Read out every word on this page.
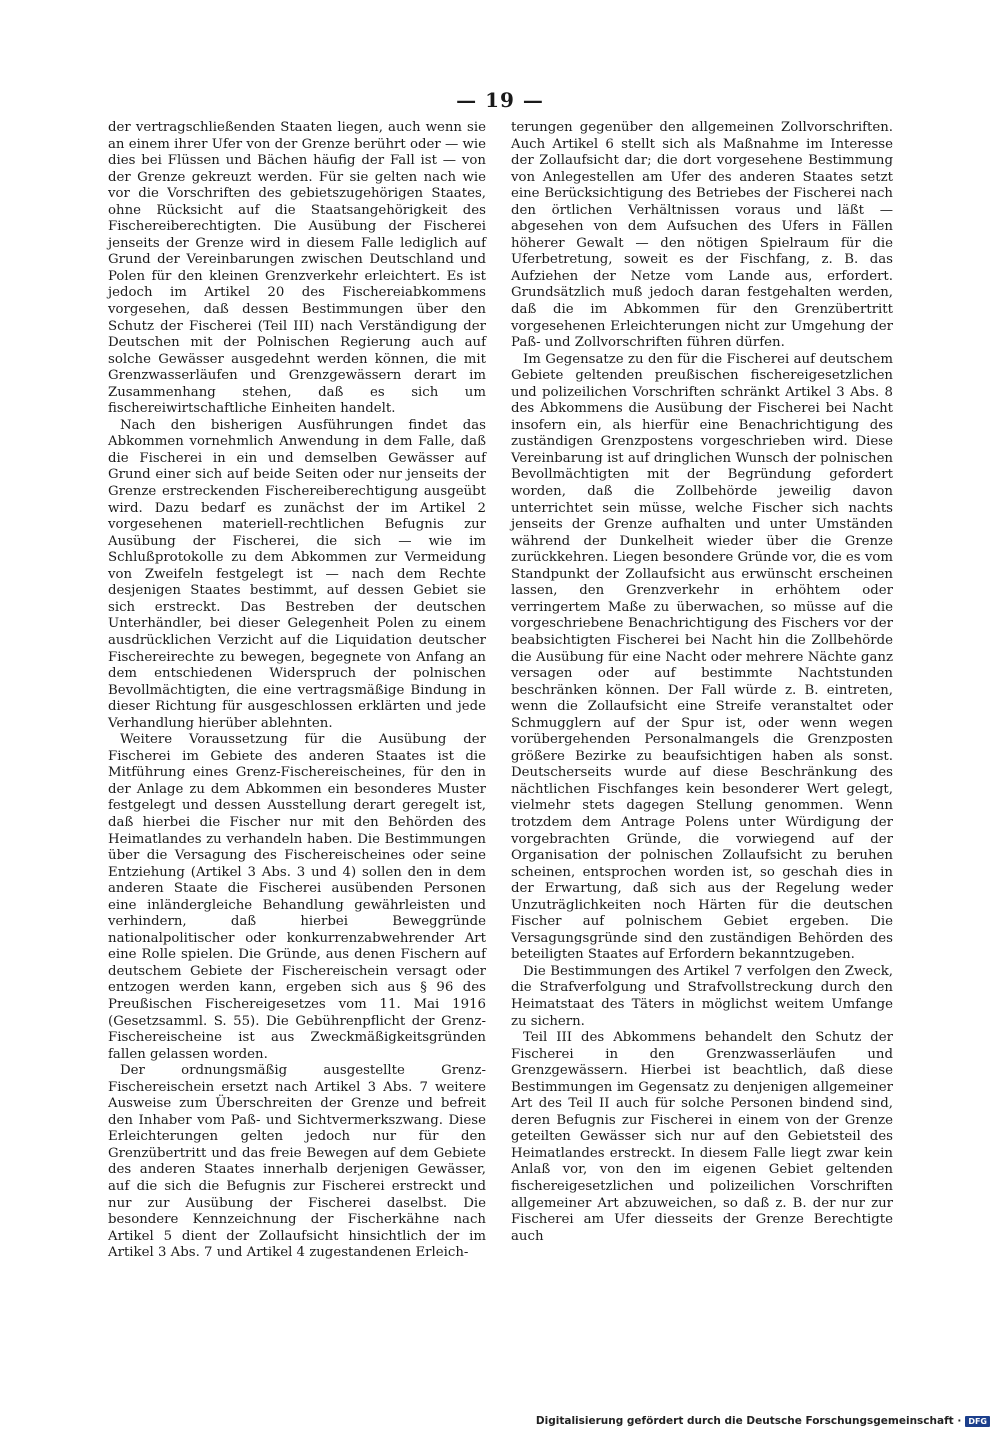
— 19 —

der vertragschließenden Staaten liegen, auch wenn sie an einem ihrer Ufer von der Grenze berührt oder — wie dies bei Flüssen und Bächen häufig der Fall ist — von der Grenze gekreuzt werden. Für sie gelten nach wie vor die Vorschriften des gebietszugehörigen Staates, ohne Rücksicht auf die Staatsangehörigkeit des Fischereiberechtigten. Die Ausübung der Fischerei jenseits der Grenze wird in diesem Falle lediglich auf Grund der Vereinbarungen zwischen Deutschland und Polen für den kleinen Grenzverkehr erleichtert. Es ist jedoch im Artikel 20 des Fischereiabkommens vorgesehen, daß dessen Bestimmungen über den Schutz der Fischerei (Teil III) nach Verständigung der Deutschen mit der Polnischen Regierung auch auf solche Gewässer ausgedehnt werden können, die mit Grenzwasserläufen und Grenzgewässern derart im Zusammenhang stehen, daß es sich um fischereiwirtschaftliche Einheiten handelt.

Nach den bisherigen Ausführungen findet das Abkommen vornehmlich Anwendung in dem Falle, daß die Fischerei in ein und demselben Gewässer auf Grund einer sich auf beide Seiten oder nur jenseits der Grenze erstreckenden Fischereiberechtigung ausgeübt wird. Dazu bedarf es zunächst der im Artikel 2 vorgesehenen materiell-rechtlichen Befugnis zur Ausübung der Fischerei, die sich — wie im Schlußprotokolle zu dem Abkommen zur Vermeidung von Zweifeln festgelegt ist — nach dem Rechte desjenigen Staates bestimmt, auf dessen Gebiet sie sich erstreckt. Das Bestreben der deutschen Unterhändler, bei dieser Gelegenheit Polen zu einem ausdrücklichen Verzicht auf die Liquidation deutscher Fischereirechte zu bewegen, begegnete von Anfang an dem entschiedenen Widerspruch der polnischen Bevollmächtigten, die eine vertragsmäßige Bindung in dieser Richtung für ausgeschlossen erklärten und jede Verhandlung hierüber ablehnten.

Weitere Voraussetzung für die Ausübung der Fischerei im Gebiete des anderen Staates ist die Mitführung eines Grenz-Fischereischeines, für den in der Anlage zu dem Abkommen ein besonderes Muster festgelegt und dessen Ausstellung derart geregelt ist, daß hierbei die Fischer nur mit den Behörden des Heimatlandes zu verhandeln haben. Die Bestimmungen über die Versagung des Fischereischeines oder seine Entziehung (Artikel 3 Abs. 3 und 4) sollen den in dem anderen Staate die Fischerei ausübenden Personen eine inländergleiche Behandlung gewährleisten und verhindern, daß hierbei Beweggründe nationalpolitischer oder konkurrenzabwehrender Art eine Rolle spielen. Die Gründe, aus denen Fischern auf deutschem Gebiete der Fischereischein versagt oder entzogen werden kann, ergeben sich aus § 96 des Preußischen Fischereigesetzes vom 11. Mai 1916 (Gesetzsamml. S. 55). Die Gebührenpflicht der Grenz-Fischereischeine ist aus Zweckmäßigkeitsgründen fallen gelassen worden.

Der ordnungsmäßig ausgestellte Grenz-Fischereischein ersetzt nach Artikel 3 Abs. 7 weitere Ausweise zum Überschreiten der Grenze und befreit den Inhaber vom Paß- und Sichtvermerkszwang. Diese Erleichterungen gelten jedoch nur für den Grenzübertritt und das freie Bewegen auf dem Gebiete des anderen Staates innerhalb derjenigen Gewässer, auf die sich die Befugnis zur Fischerei erstreckt und nur zur Ausübung der Fischerei daselbst. Die besondere Kennzeichnung der Fischerkähne nach Artikel 5 dient der Zollaufsicht hinsichtlich der im Artikel 3 Abs. 7 und Artikel 4 zugestandenen Erleich-

terungen gegenüber den allgemeinen Zollvorschriften. Auch Artikel 6 stellt sich als Maßnahme im Interesse der Zollaufsicht dar; die dort vorgesehene Bestimmung von Anlegestellen am Ufer des anderen Staates setzt eine Berücksichtigung des Betriebes der Fischerei nach den örtlichen Verhältnissen voraus und läßt — abgesehen von dem Aufsuchen des Ufers in Fällen höherer Gewalt — den nötigen Spielraum für die Uferbetretung, soweit es der Fischfang, z. B. das Aufziehen der Netze vom Lande aus, erfordert. Grundsätzlich muß jedoch daran festgehalten werden, daß die im Abkommen für den Grenzübertritt vorgesehenen Erleichterungen nicht zur Umgehung der Paß- und Zollvorschriften führen dürfen.

Im Gegensatze zu den für die Fischerei auf deutschem Gebiete geltenden preußischen fischereigesetzlichen und polizeilichen Vorschriften schränkt Artikel 3 Abs. 8 des Abkommens die Ausübung der Fischerei bei Nacht insofern ein, als hierfür eine Benachrichtigung des zuständigen Grenzpostens vorgeschrieben wird. Diese Vereinbarung ist auf dringlichen Wunsch der polnischen Bevollmächtigten mit der Begründung gefordert worden, daß die Zollbehörde jeweilig davon unterrichtet sein müsse, welche Fischer sich nachts jenseits der Grenze aufhalten und unter Umständen während der Dunkelheit wieder über die Grenze zurückkehren. Liegen besondere Gründe vor, die es vom Standpunkt der Zollaufsicht aus erwünscht erscheinen lassen, den Grenzverkehr in erhöhtem oder verringertem Maße zu überwachen, so müsse auf die vorgeschriebene Benachrichtigung des Fischers vor der beabsichtigten Fischerei bei Nacht hin die Zollbehörde die Ausübung für eine Nacht oder mehrere Nächte ganz versagen oder auf bestimmte Nachtstunden beschränken können. Der Fall würde z. B. eintreten, wenn die Zollaufsicht eine Streife veranstaltet oder Schmugglern auf der Spur ist, oder wenn wegen vorübergehenden Personalmangels die Grenzposten größere Bezirke zu beaufsichtigen haben als sonst. Deutscherseits wurde auf diese Beschränkung des nächtlichen Fischfanges kein besonderer Wert gelegt, vielmehr stets dagegen Stellung genommen. Wenn trotzdem dem Antrage Polens unter Würdigung der vorgebrachten Gründe, die vorwiegend auf der Organisation der polnischen Zollaufsicht zu beruhen scheinen, entsprochen worden ist, so geschah dies in der Erwartung, daß sich aus der Regelung weder Unzuträglichkeiten noch Härten für die deutschen Fischer auf polnischem Gebiet ergeben. Die Versagungsgründe sind den zuständigen Behörden des beteiligten Staates auf Erfordern bekanntzugeben.

Die Bestimmungen des Artikel 7 verfolgen den Zweck, die Strafverfolgung und Strafvollstreckung durch den Heimatstaat des Täters in möglichst weitem Umfange zu sichern.

Teil III des Abkommens behandelt den Schutz der Fischerei in den Grenzwasserläufen und Grenzgewässern. Hierbei ist beachtlich, daß diese Bestimmungen im Gegensatz zu denjenigen allgemeiner Art des Teil II auch für solche Personen bindend sind, deren Befugnis zur Fischerei in einem von der Grenze geteilten Gewässer sich nur auf den Gebietsteil des Heimatlandes erstreckt. In diesem Falle liegt zwar kein Anlaß vor, von den im eigenen Gebiet geltenden fischereigesetzlichen und polizeilichen Vorschriften allgemeiner Art abzuweichen, so daß z. B. der nur zur Fischerei am Ufer diesseits der Grenze Berechtigte auch

Digitalisierung gefördert durch die Deutsche Forschungsgemeinschaft · DFG
